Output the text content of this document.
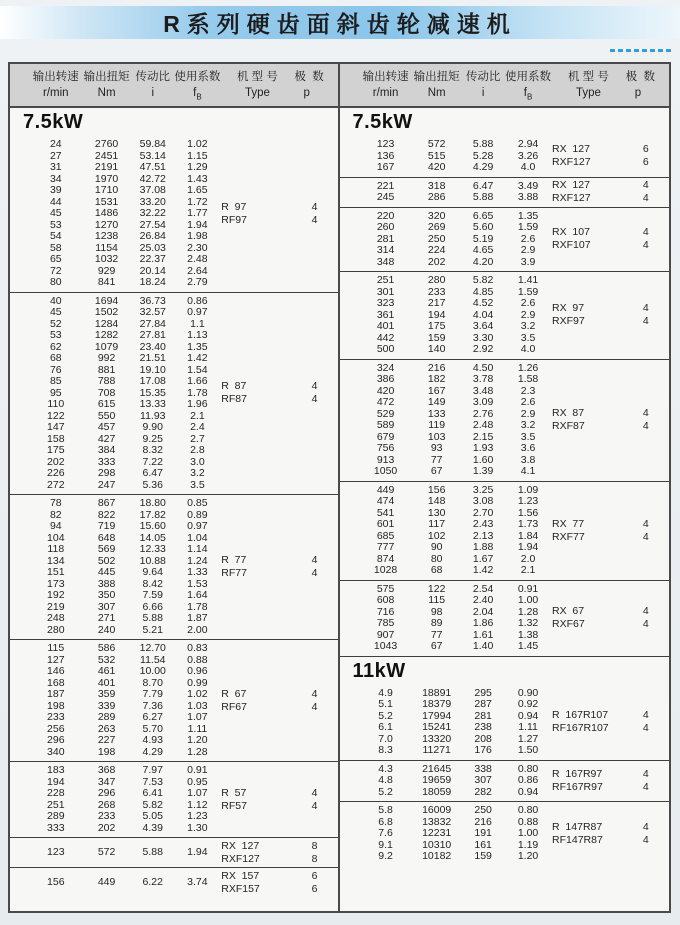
R系列硬齿面斜齿轮减速机
输出转速 输出扭矩 传动比 使用系数	机 型 号	极  数
r/min	Nm	i	$f_B$	Type	p
7.5kW
24	2760	59.84	1.02
27	2451	53.14	1.15
31	2191	47.51	1.29
34	1970	42.72	1.43
39	1710	37.08	1.65
44	1531	33.20	1.72
45	1486	32.22	1.77
53	1270	27.54	1.94
54	1238	26.84	1.98
58	1154	25.03	2.30
65	1032	22.37	2.48
72	929	20.14	2.64
80	841	18.24	2.79
R  97	4
RF97	4
40	1694	36.73	0.86
45	1502	32.57	0.97
52	1284	27.84	1.1
53	1282	27.81	1.13
62	1079	23.40	1.35
68	992	21.51	1.42
76	881	19.10	1.54
85	788	17.08	1.66
95	708	15.35	1.78
110	615	13.33	1.96
122	550	11.93	2.1
147	457	9.90	2.4
158	427	9.25	2.7
175	384	8.32	2.8
202	333	7.22	3.0
226	298	6.47	3.2
272	247	5.36	3.5
R  87	4
RF87	4
78	867	18.80	0.85
82	822	17.82	0.89
94	719	15.60	0.97
104	648	14.05	1.04
118	569	12.33	1.14
134	502	10.88	1.24
151	445	9.64	1.33
173	388	8.42	1.53
192	350	7.59	1.64
219	307	6.66	1.78
248	271	5.88	1.87
280	240	5.21	2.00
R  77	4
RF77	4
115	586	12.70	0.83
127	532	11.54	0.88
146	461	10.00	0.96
168	401	8.70	0.99
187	359	7.79	1.02
198	339	7.36	1.03
233	289	6.27	1.07
256	263	5.70	1.11
296	227	4.93	1.20
340	198	4.29	1.28
R  67	4
RF67	4
183	368	7.97	0.91
194	347	7.53	0.95
228	296	6.41	1.07
251	268	5.82	1.12
289	233	5.05	1.23
333	202	4.39	1.30
R  57	4
RF57	4
123	572	5.88	1.94
RX  127	8
RXF127	8
156	449	6.22	3.74
RX  157	6
RXF157	6
输出转速 输出扭矩 传动比 使用系数	机 型 号	极  数
r/min	Nm	i	$f_B$	Type	p
7.5kW
123	572	5.88	2.94
136	515	5.28	3.26
167	420	4.29	4.0
RX  127	6
RXF127	6
221	318	6.47	3.49
245	286	5.88	3.88
RX  127	4
RXF127	4
220	320	6.65	1.35
260	269	5.60	1.59
281	250	5.19	2.6
314	224	4.65	2.9
348	202	4.20	3.9
RX  107	4
RXF107	4
251	280	5.82	1.41
301	233	4.85	1.59
323	217	4.52	2.6
361	194	4.04	2.9
401	175	3.64	3.2
442	159	3.30	3.5
500	140	2.92	4.0
RX  97	4
RXF97	4
324	216	4.50	1.26
386	182	3.78	1.58
420	167	3.48	2.3
472	149	3.09	2.6
529	133	2.76	2.9
589	119	2.48	3.2
679	103	2.15	3.5
756	93	1.93	3.6
913	77	1.60	3.8
1050	67	1.39	4.1
RX  87	4
RXF87	4
449	156	3.25	1.09
474	148	3.08	1.23
541	130	2.70	1.56
601	117	2.43	1.73
685	102	2.13	1.84
777	90	1.88	1.94
874	80	1.67	2.0
1028	68	1.42	2.1
RX  77	4
RXF77	4
575	122	2.54	0.91
608	115	2.40	1.00
716	98	2.04	1.28
785	89	1.86	1.32
907	77	1.61	1.38
1043	67	1.40	1.45
RX  67	4
RXF67	4
11kW
4.9	18891	295	0.90
5.1	18379	287	0.92
5.2	17994	281	0.94
6.1	15241	238	1.11
7.0	13320	208	1.27
8.3	11271	176	1.50
R  167R107	4
RF167R107	4
4.3	21645	338	0.80
4.8	19659	307	0.86
5.2	18059	282	0.94
R  167R97	4
RF167R97	4
5.8	16009	250	0.80
6.8	13832	216	0.88
7.6	12231	191	1.00
9.1	10310	161	1.19
9.2	10182	159	1.20
R  147R87	4
RF147R87	4
